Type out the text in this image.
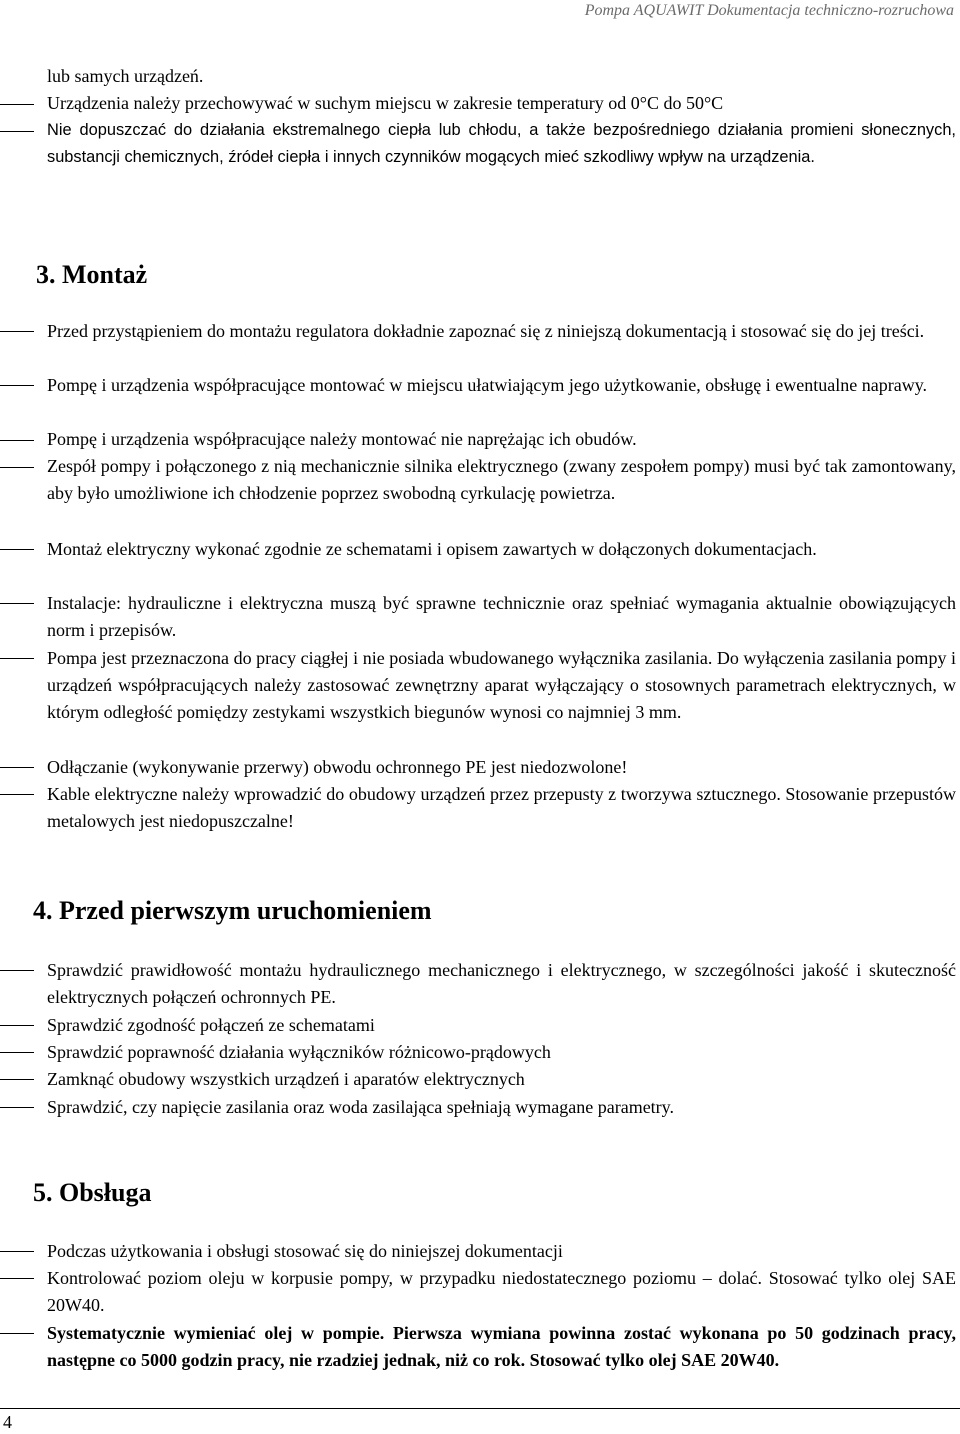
Pompa AQUAWIT Dokumentacja techniczno-rozruchowa

lub samych urządzeń.

Urządzenia należy przechowywać w suchym miejscu w zakresie temperatury od 0°C do 50°C

Nie dopuszczać do działania ekstremalnego ciepła lub chłodu, a także bezpośredniego działania promieni słonecznych, substancji chemicznych, źródeł ciepła i innych czynników mogących mieć szkodliwy wpływ na urządzenia.

3. Montaż

Przed przystąpieniem do montażu regulatora dokładnie zapoznać się z niniejszą dokumentacją i stosować się do jej treści.

Pompę i urządzenia współpracujące montować w miejscu ułatwiającym jego użytkowanie, obsługę i ewentualne naprawy.

Pompę i urządzenia współpracujące należy montować nie naprężając ich obudów.

Zespół pompy i połączonego z nią mechanicznie silnika elektrycznego (zwany zespołem pompy) musi być tak zamontowany, aby było umożliwione ich chłodzenie poprzez swobodną cyrkulację powietrza.

Montaż elektryczny wykonać zgodnie ze schematami i opisem zawartych w dołączonych dokumentacjach.

Instalacje: hydrauliczne i elektryczna muszą być sprawne technicznie oraz spełniać wymagania aktualnie obowiązujących norm i przepisów.

Pompa jest przeznaczona do pracy ciągłej i nie posiada wbudowanego wyłącznika zasilania. Do wyłączenia zasilania pompy i urządzeń współpracujących należy zastosować zewnętrzny aparat wyłączający o stosownych parametrach elektrycznych, w którym odległość pomiędzy zestykami wszystkich biegunów wynosi co najmniej 3 mm.

Odłączanie (wykonywanie przerwy) obwodu ochronnego PE jest niedozwolone!

Kable elektryczne należy wprowadzić do obudowy urządzeń przez przepusty z tworzywa sztucznego. Stosowanie przepustów metalowych jest niedopuszczalne!

4. Przed pierwszym uruchomieniem

Sprawdzić prawidłowość montażu hydraulicznego mechanicznego i elektrycznego, w szczególności jakość i skuteczność elektrycznych połączeń ochronnych PE.

Sprawdzić zgodność połączeń ze schematami

Sprawdzić poprawność działania wyłączników różnicowo-prądowych

Zamknąć obudowy wszystkich urządzeń i aparatów elektrycznych

Sprawdzić, czy napięcie zasilania oraz woda zasilająca spełniają wymagane parametry.

5. Obsługa

Podczas użytkowania i obsługi stosować się do niniejszej dokumentacji

Kontrolować poziom oleju w korpusie pompy, w przypadku niedostatecznego poziomu – dolać. Stosować tylko olej SAE 20W40.

Systematycznie wymieniać olej w pompie. Pierwsza wymiana powinna zostać wykonana po 50 godzinach pracy, następne co 5000 godzin pracy, nie rzadziej jednak, niż co rok. Stosować tylko olej SAE 20W40.

4
